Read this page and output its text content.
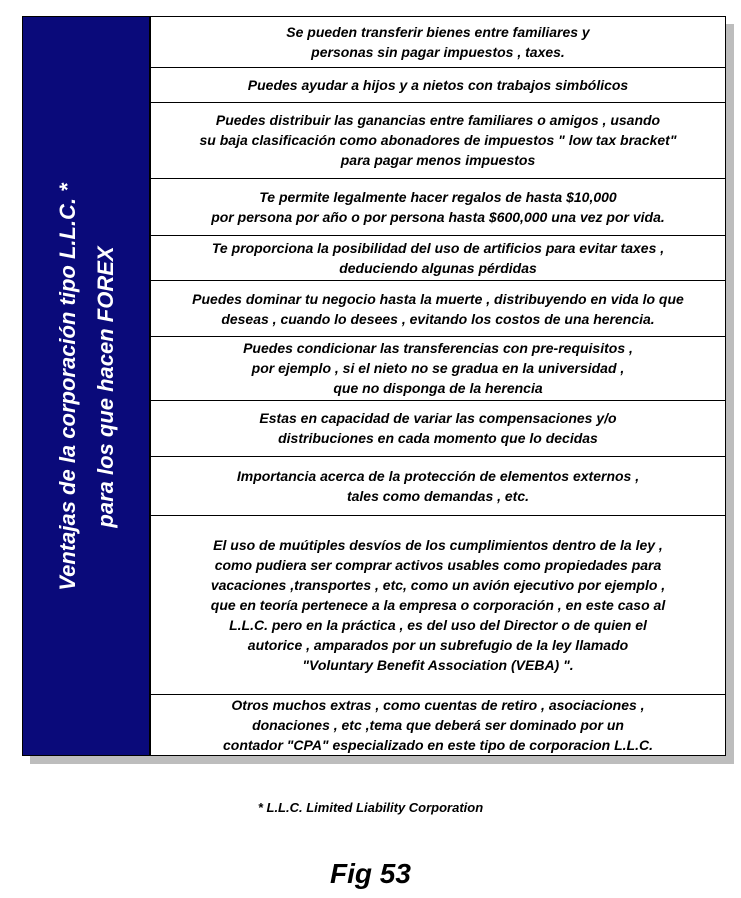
Ventajas de la corporación tipo L.L.C. * para los que hacen FOREX
Se pueden transferir bienes entre familiares y
personas sin pagar impuestos , taxes.
Puedes ayudar a hijos y a nietos con trabajos simbólicos
Puedes distribuir las ganancias entre familiares o amigos , usando
su baja clasificación como abonadores de impuestos " low tax bracket"
para pagar menos impuestos
Te permite legalmente hacer regalos de hasta $10,000
por persona por año o por persona hasta $600,000 una vez por vida.
Te proporciona la posibilidad del uso de artificios para evitar taxes ,
deduciendo algunas pérdidas
Puedes dominar tu negocio hasta la muerte , distribuyendo en vida lo que
deseas , cuando lo desees , evitando los costos de una herencia.
Puedes condicionar las transferencias con pre-requisitos ,
por ejemplo , si el nieto no se gradua en la universidad ,
que no disponga de la herencia
Estas en capacidad de variar las compensaciones y/o
distribuciones en cada momento que lo decidas
Importancia acerca de la protección de elementos externos ,
tales como demandas , etc.
El uso de muútiples desvíos de los cumplimientos dentro de la ley ,
como pudiera ser comprar activos usables como propiedades para
vacaciones ,transportes , etc, como un avión ejecutivo por ejemplo ,
que en teoría pertenece a la empresa o corporación , en este caso al
L.L.C. pero en la práctica , es del uso del Director o de quien el
autorice , amparados por un subrefugio de la ley llamado
"Voluntary Benefit Association (VEBA) ".
Otros muchos extras , como cuentas de retiro , asociaciones ,
donaciones , etc ,tema que deberá ser dominado por un
contador "CPA" especializado en este tipo de corporacion L.L.C.
* L.L.C. Limited Liability Corporation
Fig 53
